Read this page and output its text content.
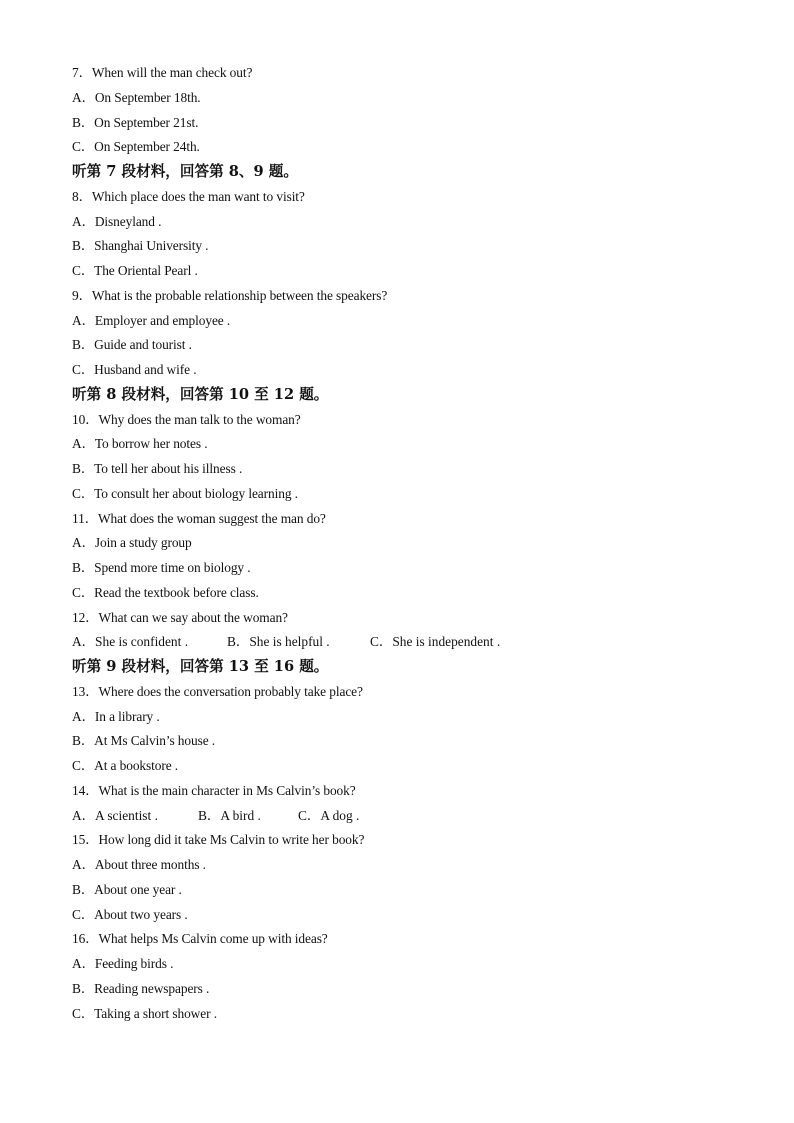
7．When will the man check out?
A．On September 18th.
B．On September 21st.
C．On September 24th.
听第 7 段材料，回答第 8、9 题。
8．Which place does the man want to visit?
A．Disneyland .
B．Shanghai University .
C．The Oriental Pearl .
9．What is the probable relationship between the speakers?
A．Employer and employee .
B．Guide and tourist .
C．Husband and wife .
听第 8 段材料，回答第 10 至 12 题。
10．Why does the man talk to the woman?
A．To borrow her notes .
B．To tell her about his illness .
C．To consult her about biology learning .
11．What does the woman suggest the man do?
A．Join a study group
B．Spend more time on biology .
C．Read the textbook before class.
12．What can we say about the woman?
A．She is confident .	B．She is helpful .	C．She is independent .
听第 9 段材料，回答第 13 至 16 题。
13．Where does the conversation probably take place?
A．In a library .
B．At Ms Calvin’s house .
C．At a bookstore .
14．What is the main character in Ms Calvin’s book?
A．A scientist .	B．A bird .	C．A dog .
15．How long did it take Ms Calvin to write her book?
A．About three months .
B．About one year .
C．About two years .
16．What helps Ms Calvin come up with ideas?
A．Feeding birds .
B．Reading newspapers .
C．Taking a short shower .
